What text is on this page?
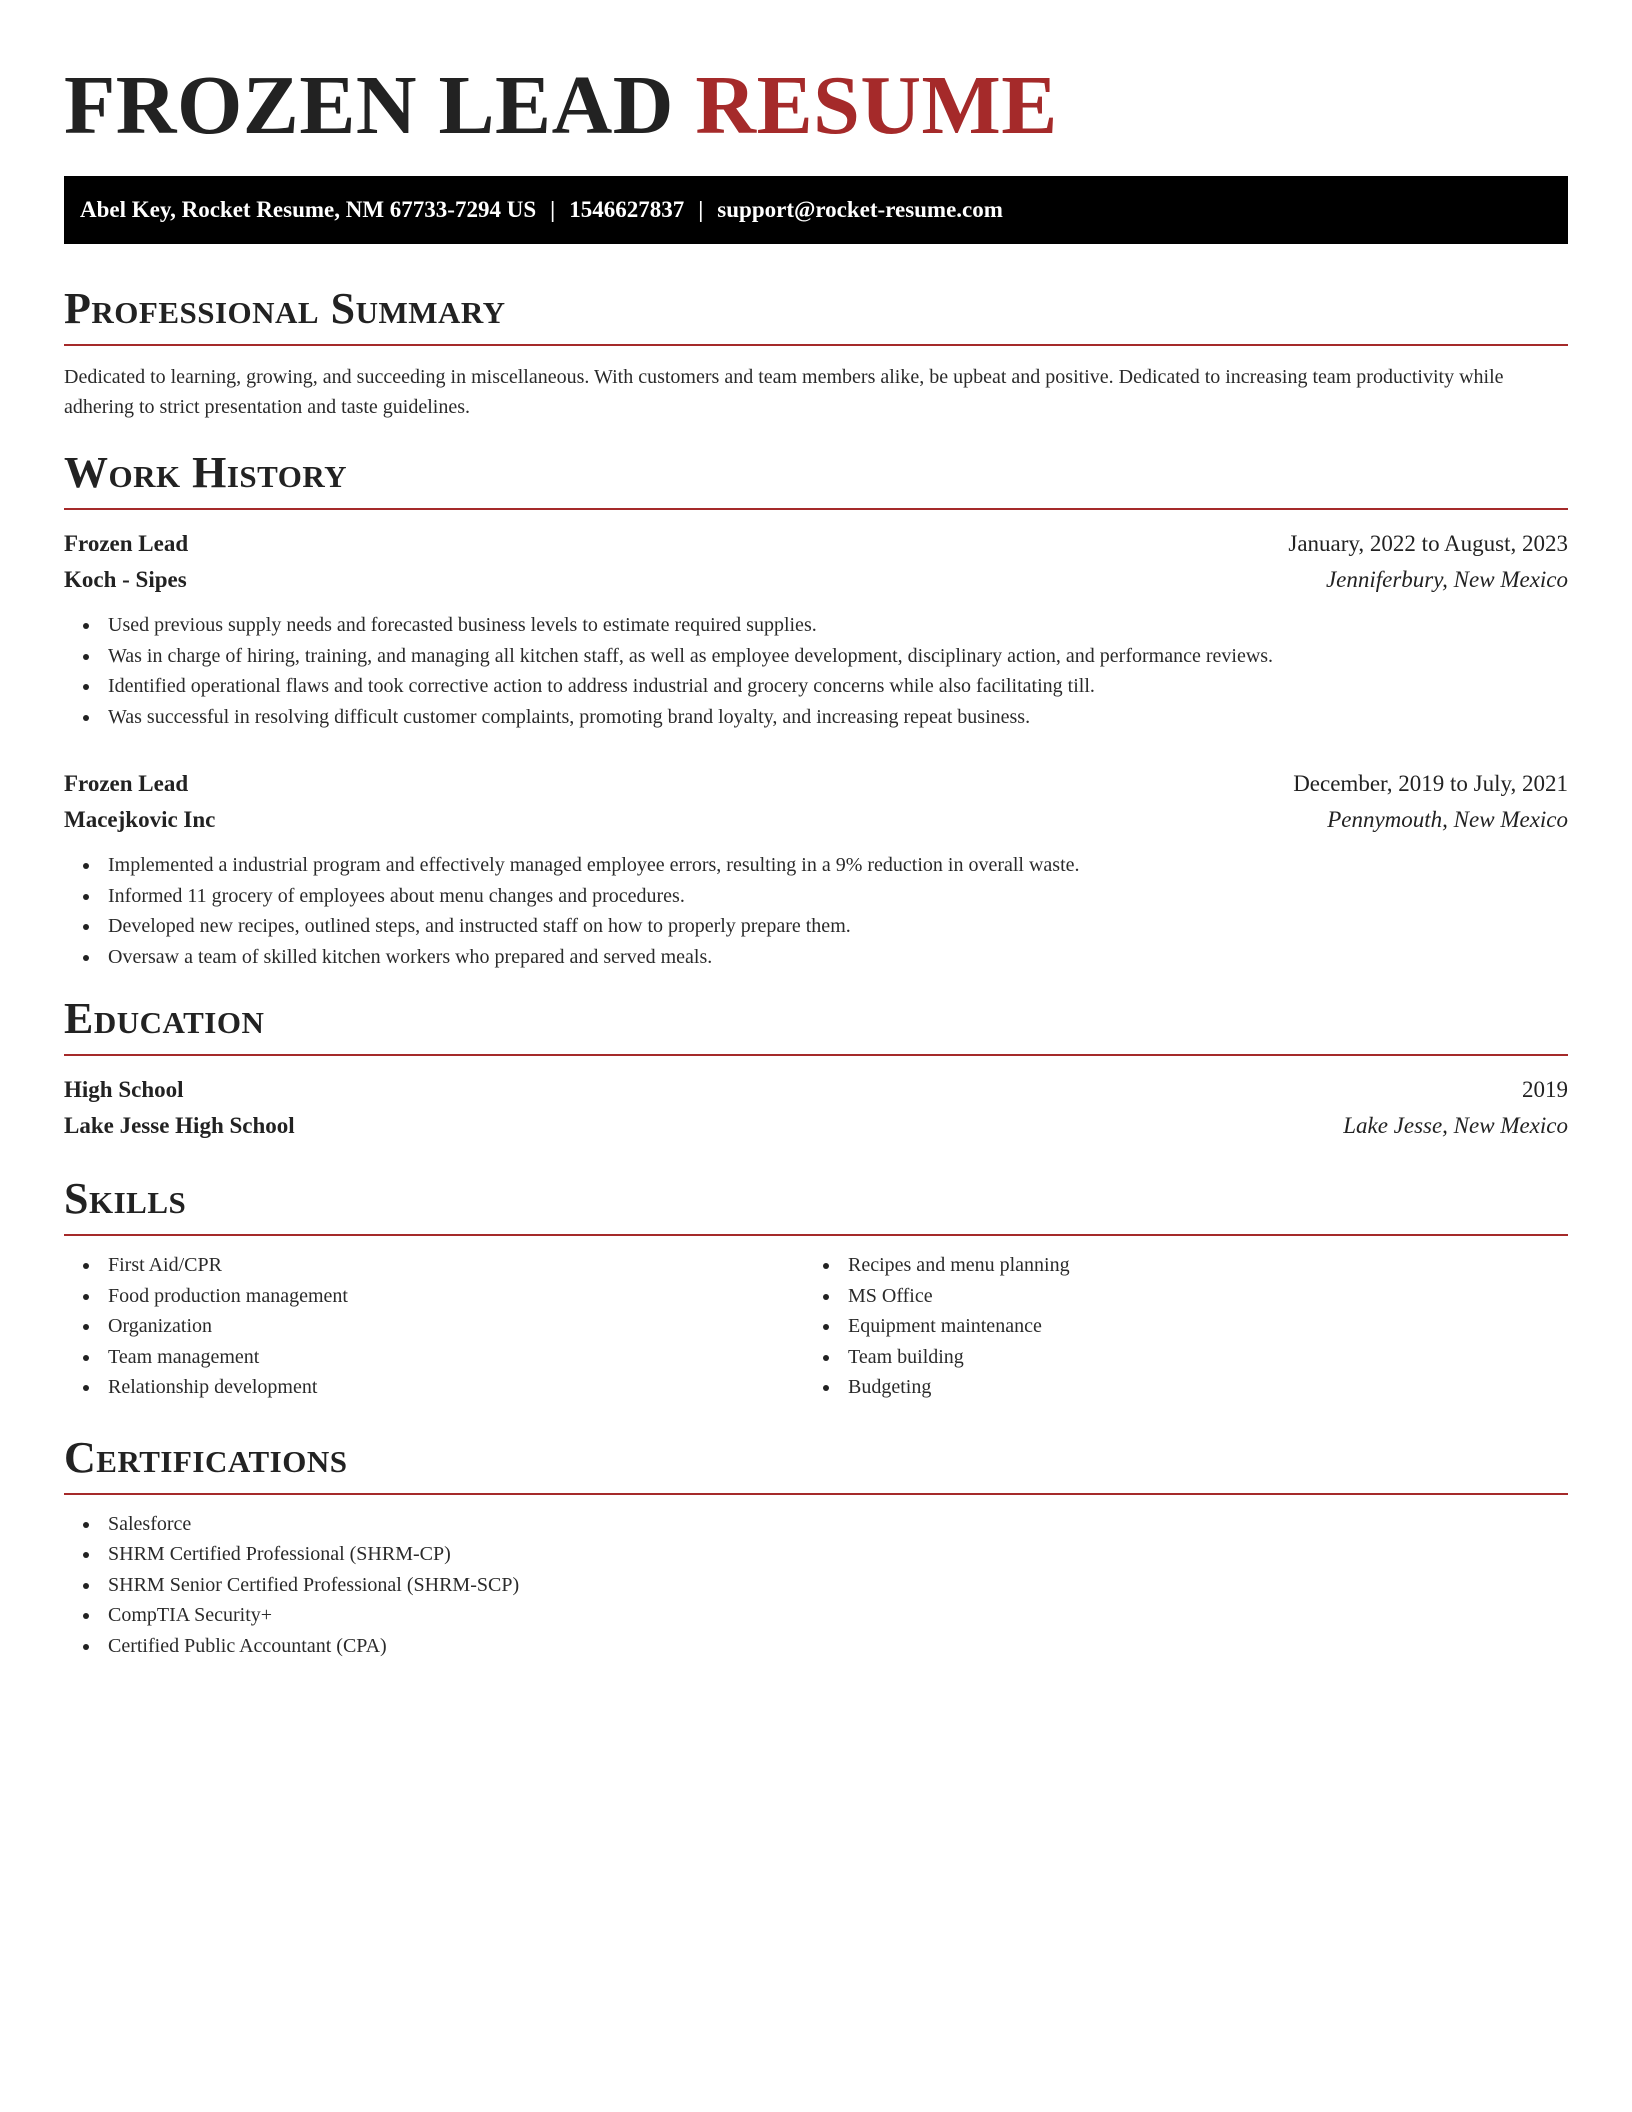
FROZEN LEAD RESUME
Abel Key, Rocket Resume, NM 67733-7294 US | 1546627837 | support@rocket-resume.com
Professional Summary

Dedicated to learning, growing, and succeeding in miscellaneous. With customers and team members alike, be upbeat and positive. Dedicated to increasing team productivity while adhering to strict presentation and taste guidelines.

Work History
Frozen Lead	January, 2022 to August, 2023
Koch - Sipes	Jenniferbury, New Mexico
Used previous supply needs and forecasted business levels to estimate required supplies.
Was in charge of hiring, training, and managing all kitchen staff, as well as employee development, disciplinary action, and performance reviews.
Identified operational flaws and took corrective action to address industrial and grocery concerns while also facilitating till.
Was successful in resolving difficult customer complaints, promoting brand loyalty, and increasing repeat business.
Frozen Lead	December, 2019 to July, 2021
Macejkovic Inc	Pennymouth, New Mexico
Implemented a industrial program and effectively managed employee errors, resulting in a 9% reduction in overall waste.
Informed 11 grocery of employees about menu changes and procedures.
Developed new recipes, outlined steps, and instructed staff on how to properly prepare them.
Oversaw a team of skilled kitchen workers who prepared and served meals.
Education
High School	2019
Lake Jesse High School	Lake Jesse, New Mexico
Skills
First Aid/CPR
Food production management
Organization
Team management
Relationship development
Recipes and menu planning
MS Office
Equipment maintenance
Team building
Budgeting
Certifications
Salesforce
SHRM Certified Professional (SHRM-CP)
SHRM Senior Certified Professional (SHRM-SCP)
CompTIA Security+
Certified Public Accountant (CPA)
